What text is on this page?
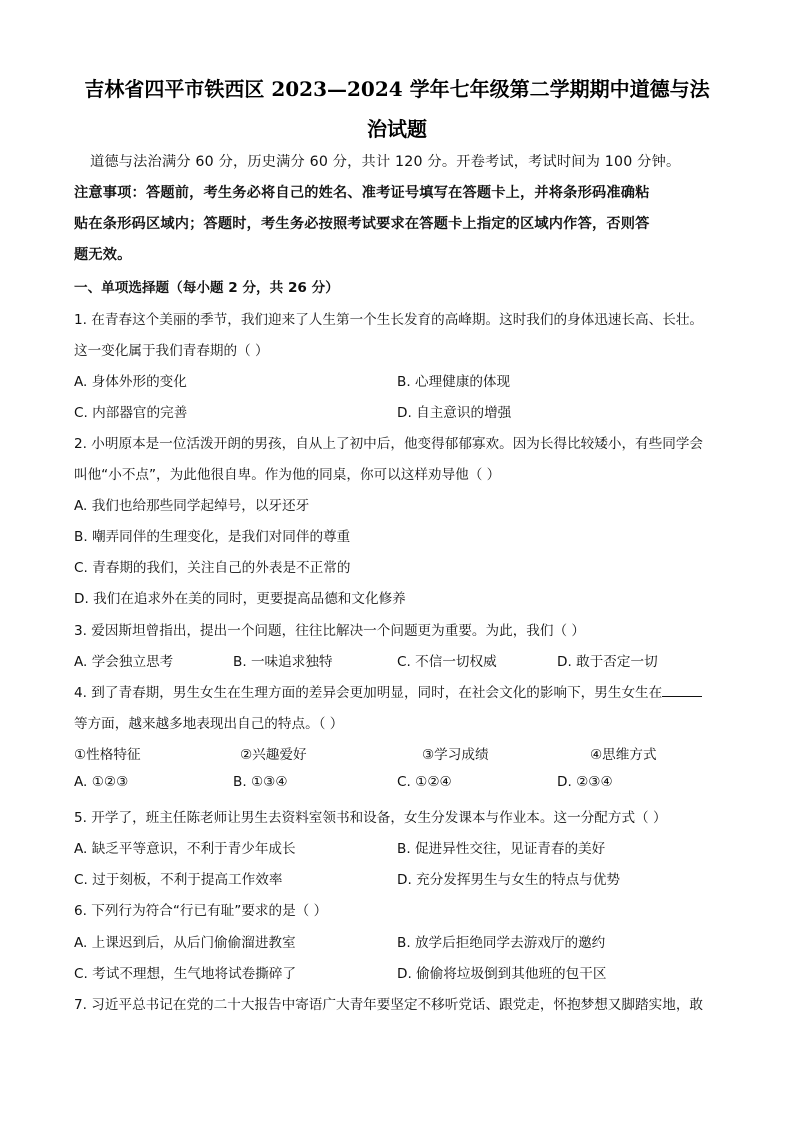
吉林省四平市铁西区 2023—2024 学年七年级第二学期期中道德与法
治试题
道德与法治满分 60 分，历史满分 60 分，共计 120 分。开卷考试，考试时间为 100 分钟。
注意事项：答题前，考生务必将自己的姓名、准考证号填写在答题卡上，并将条形码准确粘
贴在条形码区域内；答题时，考生务必按照考试要求在答题卡上指定的区域内作答，否则答
题无效。
一、单项选择题（每小题 2 分，共 26 分）
1. 在青春这个美丽的季节，我们迎来了人生第一个生长发育的高峰期。这时我们的身体迅速长高、长壮。
这一变化属于我们青春期的（ ）
A. 身体外形的变化	B. 心理健康的体现
C. 内部器官的完善	D. 自主意识的增强
2. 小明原本是一位活泼开朗的男孩，自从上了初中后，他变得郁郁寡欢。因为长得比较矮小，有些同学会
叫他“小不点”，为此他很自卑。作为他的同桌，你可以这样劝导他（ ）
A. 我们也给那些同学起绰号，以牙还牙
B. 嘲弄同伴的生理变化，是我们对同伴的尊重
C. 青春期的我们，关注自己的外表是不正常的
D. 我们在追求外在美的同时，更要提高品德和文化修养
3. 爱因斯坦曾指出，提出一个问题，往往比解决一个问题更为重要。为此，我们（ ）
A. 学会独立思考	B. 一味追求独特	C. 不信一切权威	D. 敢于否定一切
4. 到了青春期，男生女生在生理方面的差异会更加明显，同时，在社会文化的影响下，男生女生在
等方面，越来越多地表现出自己的特点。（ ）
①性格特征	②兴趣爱好	③学习成绩	④思维方式
A. ①②③	B. ①③④	C. ①②④	D. ②③④
5. 开学了，班主任陈老师让男生去资料室领书和设备，女生分发课本与作业本。这一分配方式（ ）
A. 缺乏平等意识，不利于青少年成长	B. 促进异性交往，见证青春的美好
C. 过于刻板，不利于提高工作效率	D. 充分发挥男生与女生的特点与优势
6. 下列行为符合“行已有耻”要求的是（ ）
A. 上课迟到后，从后门偷偷溜进教室	B. 放学后拒绝同学去游戏厅的邀约
C. 考试不理想，生气地将试卷撕碎了	D. 偷偷将垃圾倒到其他班的包干区
7. 习近平总书记在党的二十大报告中寄语广大青年要坚定不移听党话、跟党走，怀抱梦想又脚踏实地，敢
